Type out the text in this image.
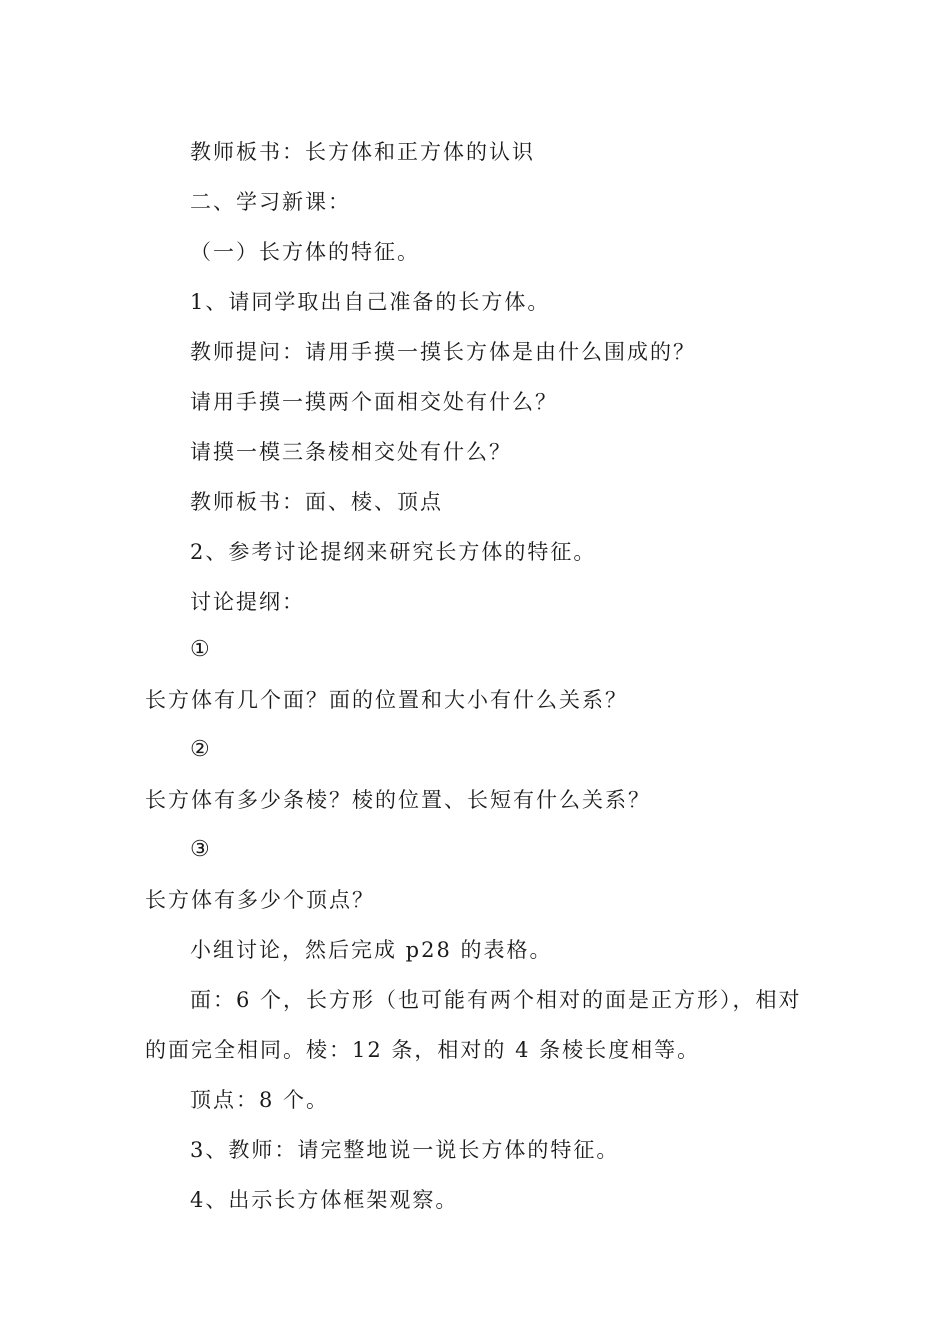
教师板书：长方体和正方体的认识
二、学习新课：
（一）长方体的特征。
1、请同学取出自己准备的长方体。
教师提问：请用手摸一摸长方体是由什么围成的？
请用手摸一摸两个面相交处有什么？
请摸一模三条棱相交处有什么？
教师板书：面、棱、顶点
2、参考讨论提纲来研究长方体的特征。
讨论提纲：
①
长方体有几个面？面的位置和大小有什么关系？
②
长方体有多少条棱？棱的位置、长短有什么关系？
③
长方体有多少个顶点？
小组讨论，然后完成 p28 的表格。
面：6 个，长方形（也可能有两个相对的面是正方形），相对
的面完全相同。棱：12 条，相对的 4 条棱长度相等。
顶点：8 个。
3、教师：请完整地说一说长方体的特征。
4、出示长方体框架观察。
